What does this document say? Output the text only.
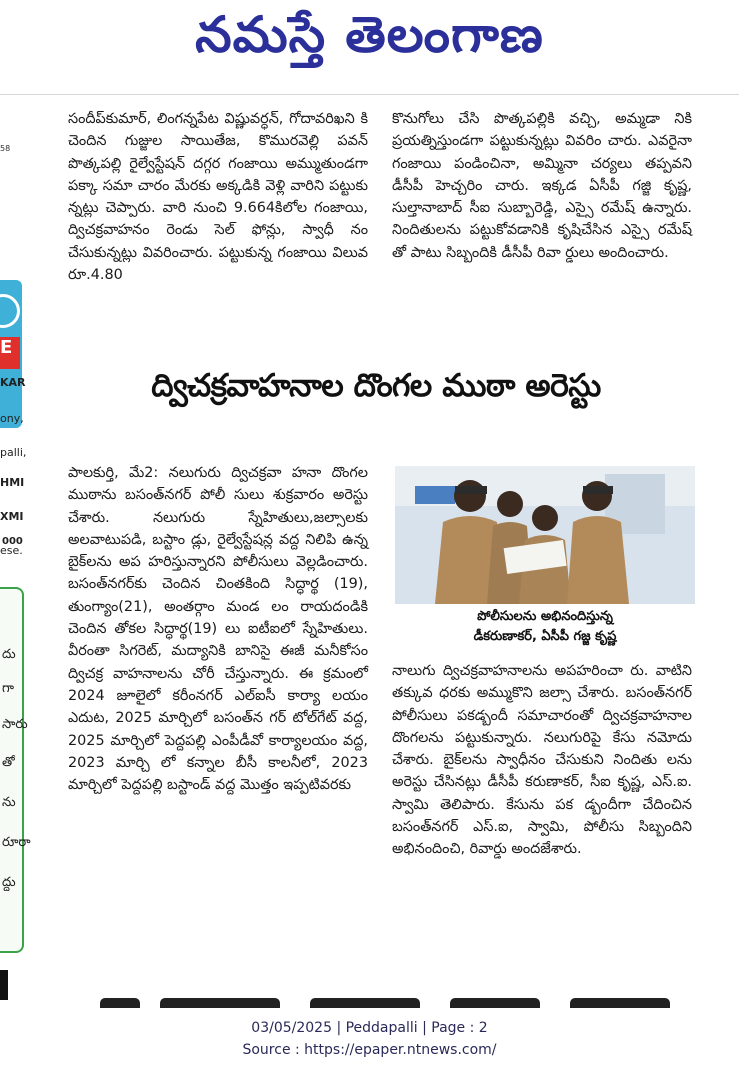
నమస్తే తెలంగాణ
58
E
KAR
ony,
palli,
HMI
XMI
ese.
000
దు
గా
సారు
తో
ను
రూరా
ద్దు

సందీప్‌కుమార్, లింగన్నపేట విష్ణువర్ధన్, గోదావరిఖని కి చెందిన గుజ్జుల సాయితేజ, కొమురవెల్లి పవన్ పొత్కపల్లి రైల్వేస్టేషన్ దగ్గర గంజాయి అమ్ముతుండగా పక్కా సమా చారం మేరకు అక్కడికి వెళ్లి వారిని పట్టుకు న్నట్లు చెప్పారు. వారి నుంచి 9.664కిలోల గంజాయి, ద్విచక్రవాహనం రెండు సెల్ ఫోన్లు, స్వాధీ నం చేసుకున్నట్లు వివరించారు. పట్టుకున్న గంజాయి విలువ రూ.4.80

కొనుగోలు చేసి పొత్కపల్లికి వచ్చి, అమ్మడా నికి ప్రయత్నిస్తుండగా పట్టుకున్నట్లు వివరిం చారు. ఎవరైనా గంజాయి పండించినా, అమ్మినా చర్యలు తప్పవని డీసీపీ హెచ్చరిం చారు. ఇక్కడ ఏసీపీ గజ్జి కృష్ణ, సుల్తానాబాద్ సీఐ సుబ్బారెడ్డి, ఎస్సై రమేష్ ఉన్నారు. నిందితులను పట్టుకోవడానికి కృషిచేసిన ఎస్సై రమేష్ తో పాటు సిబ్బందికి డీసీపీ రివా ర్డులు అందించారు.

ద్విచక్రవాహనాల దొంగల ముఠా అరెస్టు

పాలకుర్తి, మే2: నలుగురు ద్విచక్రవా హనా దొంగల ముఠాను బసంత్‌నగర్ పోలీ సులు శుక్రవారం అరెస్టు చేశారు. నలుగురు స్నేహితులు,జల్సాలకు అలవాటుపడి, బస్టాం డ్లు, రైల్వేస్టేషన్ల వద్ద నిలిపి ఉన్న బైక్‌లను అప హరిస్తున్నారని పోలీసులు వెల్లడించారు. బసంత్‌నగర్‌కు చెందిన చింతకింది సిద్ధార్థ (19), తుంగ్యాం(21), అంతర్గాం మండ లం రాయదండికి చెందిన తోకల సిద్ధార్థ(19) లు ఐటీఐలో స్నేహితులు. వీరంతా సిగరెట్, మద్యానికి బానిసై ఈజీ మనీకోసం ద్విచక్ర వాహనాలను చోరీ చేస్తున్నారు. ఈ క్రమంలో 2024 జూలైలో కరీంనగర్ ఎల్‌ఐసీ కార్యా లయం ఎదుట, 2025 మార్చిలో బసంత్‌న గర్ టోల్‌గేట్ వద్ద, 2025 మార్చిలో పెద్దపల్లి ఎంపీడీవో కార్యాలయం వద్ద, 2023 మార్చి లో కన్నాల బీసీ కాలనీలో, 2023 మార్చిలో పెద్దపల్లి బస్టాండ్ వద్ద మొత్తం ఇప్పటివరకు

పోలీసులను అభినందిస్తున్న
డీకరుణాకర్, ఏసీపీ గజ్జ కృష్ణ

నాలుగు ద్విచక్రవాహనాలను అపహరించా రు. వాటిని తక్కువ ధరకు అమ్ముకొని జల్సా చేశారు. బసంత్‌నగర్ పోలీసులు పకడ్బందీ సమాచారంతో ద్విచక్రవాహనాల దొంగలను పట్టుకున్నారు. నలుగురిపై కేసు నమోదు చేశారు. బైక్‌లను స్వాధీనం చేసుకుని నిందితు లను అరెస్టు చేసినట్లు డీసీపీ కరుణాకర్, సీఐ కృష్ణ, ఎస్.ఐ. స్వామి తెలిపారు. కేసును పక డ్బందీగా చేదించిన బసంత్‌నగర్ ఎస్.ఐ, స్వామి, పోలీసు సిబ్బందిని అభినందించి, రివార్డు అందజేశారు.

03/05/2025 | Peddapalli | Page : 2
Source : https://epaper.ntnews.com/
